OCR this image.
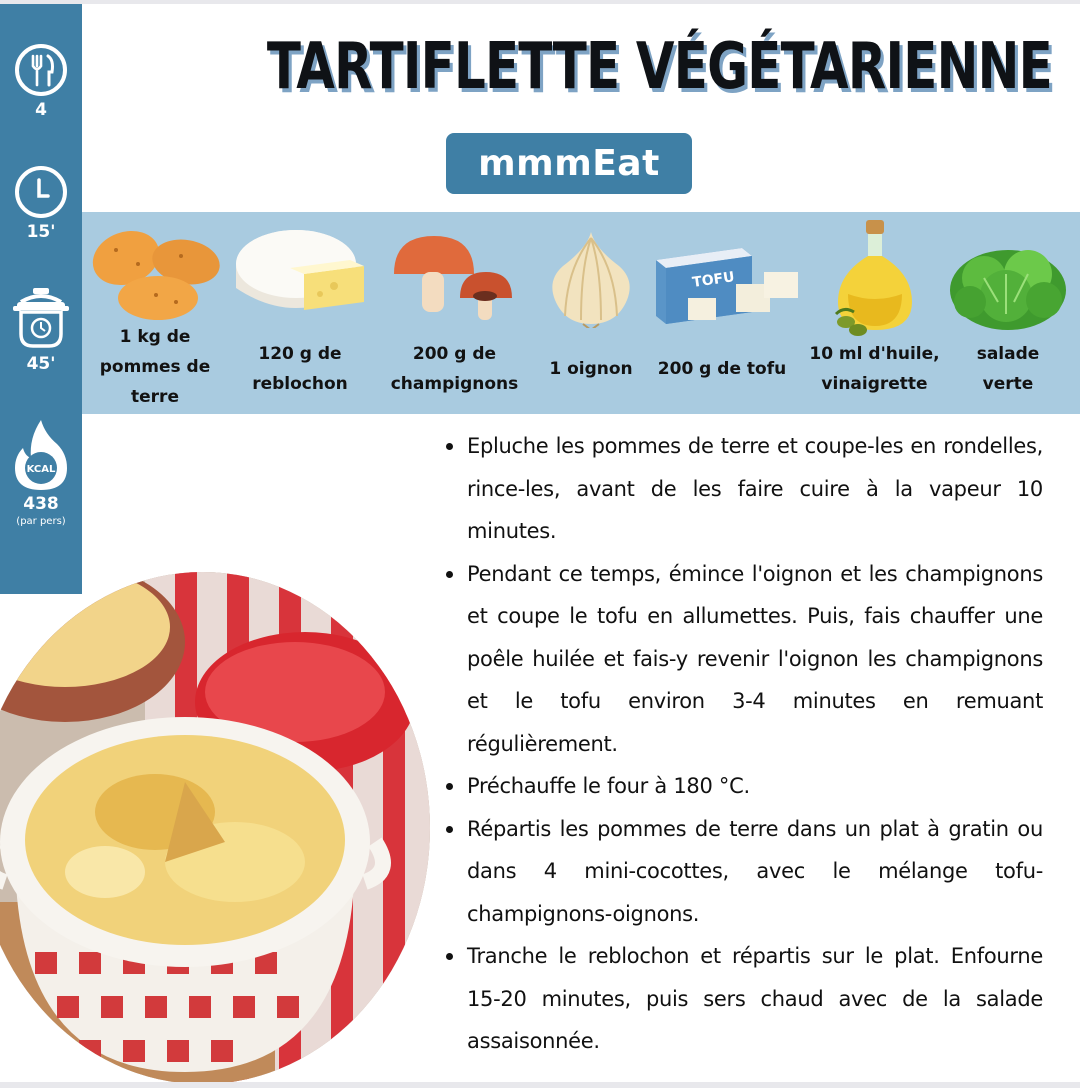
4
15'
45'
KCAL
438
(par pers)
TARTIFLETTE VÉGÉTARIENNE
mmmEat
1 kg de
pommes de
terre
120 g de
reblochon
200 g de
champignons
1 oignon
TOFU
200 g de tofu
10 ml d'huile,
vinaigrette
salade
verte
Epluche les pommes de terre et coupe-les en rondelles, rince-les, avant de les faire cuire à la vapeur 10 minutes.
Pendant ce temps, émince l'oignon et les champignons et coupe le tofu en allumettes. Puis, fais chauffer une poêle huilée et fais-y revenir l'oignon les champignons et le tofu environ 3-4 minutes en remuant régulièrement.
Préchauffe le four à 180 °C.
Répartis les pommes de terre dans un plat à gratin ou dans 4 mini-cocottes, avec le mélange tofu-champignons-oignons.
Tranche le reblochon et répartis sur le plat. Enfourne 15-20 minutes, puis sers chaud avec de la salade assaisonnée.
